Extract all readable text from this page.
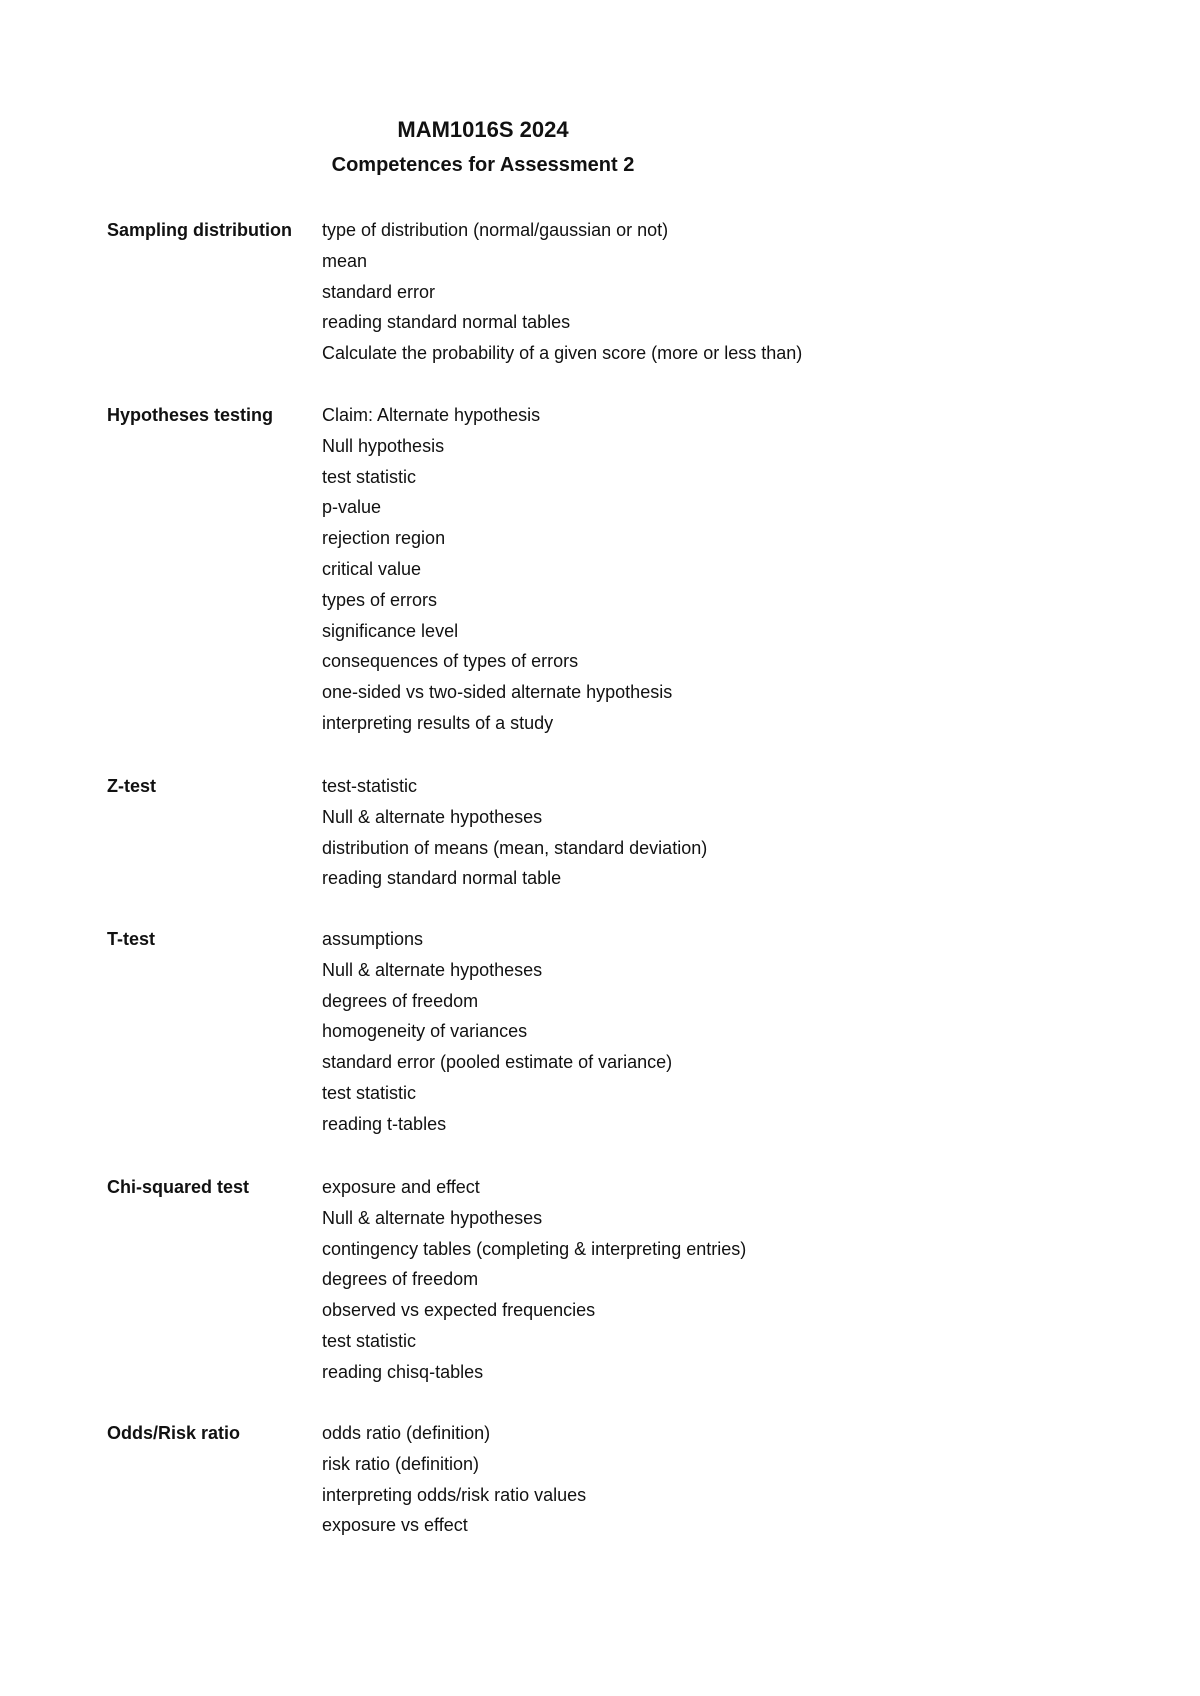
MAM1016S 2024
Competences for Assessment 2
Sampling distribution	type of distribution (normal/gaussian or not)
mean
standard error
reading standard normal tables
Calculate the probability of a given score (more or less than)
Hypotheses testing	Claim: Alternate hypothesis
Null hypothesis
test statistic
p-value
rejection region
critical value
types of errors
significance level
consequences of types of errors
one-sided vs two-sided alternate hypothesis
interpreting results of a study
Z-test	test-statistic
Null & alternate hypotheses
distribution of means (mean, standard deviation)
reading standard normal table
T-test	assumptions
Null & alternate hypotheses
degrees of freedom
homogeneity of variances
standard error (pooled estimate of variance)
test statistic
reading t-tables
Chi-squared test	exposure and effect
Null & alternate hypotheses
contingency tables (completing & interpreting entries)
degrees of freedom
observed vs expected frequencies
test statistic
reading chisq-tables
Odds/Risk ratio	odds ratio (definition)
risk ratio (definition)
interpreting odds/risk ratio values
exposure vs effect
